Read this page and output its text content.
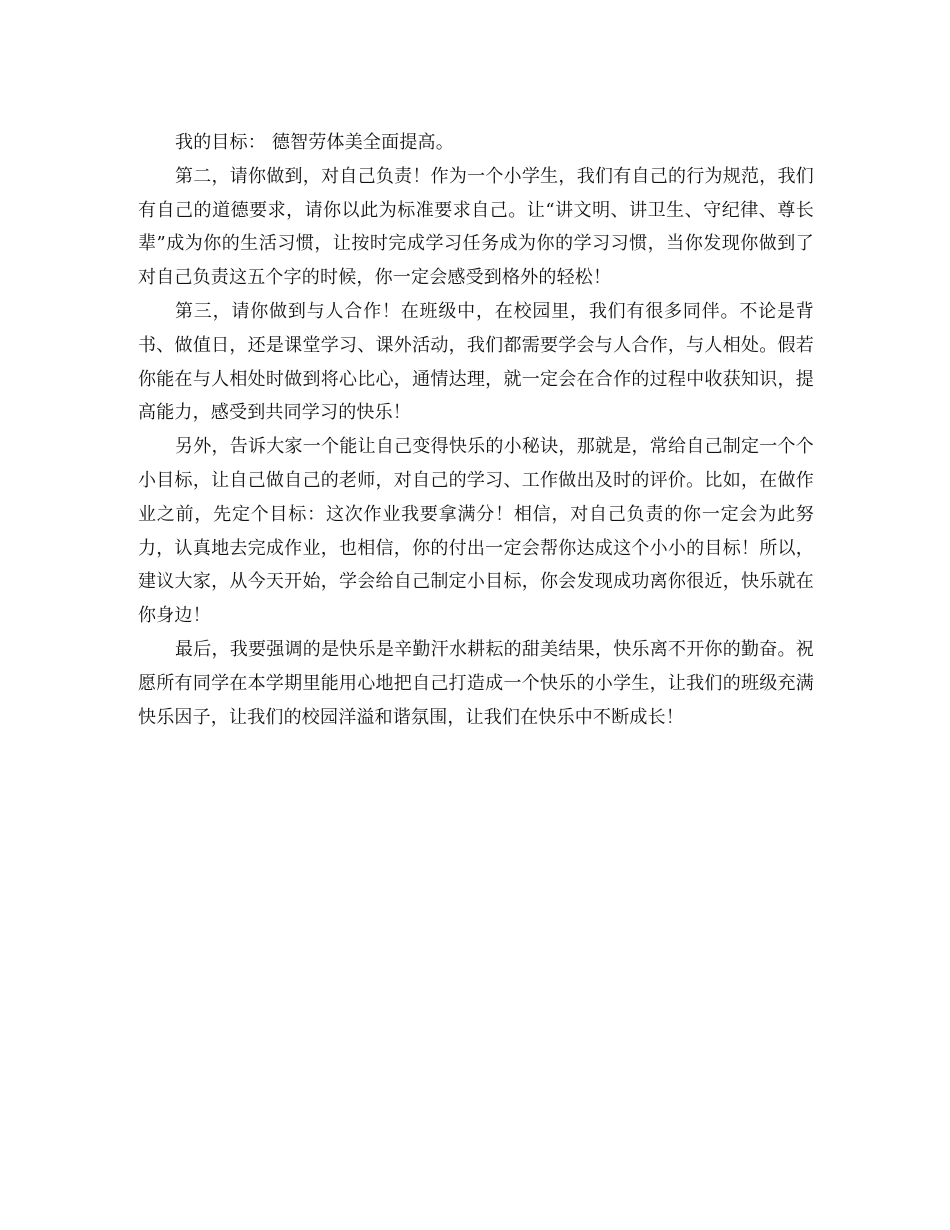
我的目标： 德智劳体美全面提高。

第二，请你做到，对自己负责！作为一个小学生，我们有自己的行为规范，我们有自己的道德要求，请你以此为标准要求自己。让“讲文明、讲卫生、守纪律、尊长辈”成为你的生活习惯，让按时完成学习任务成为你的学习习惯，当你发现你做到了对自己负责这五个字的时候，你一定会感受到格外的轻松！

第三，请你做到与人合作！在班级中，在校园里，我们有很多同伴。不论是背书、做值日，还是课堂学习、课外活动，我们都需要学会与人合作，与人相处。假若你能在与人相处时做到将心比心，通情达理，就一定会在合作的过程中收获知识，提高能力，感受到共同学习的快乐！

另外，告诉大家一个能让自己变得快乐的小秘诀，那就是，常给自己制定一个个小目标，让自己做自己的老师，对自己的学习、工作做出及时的评价。比如，在做作业之前，先定个目标：这次作业我要拿满分！相信，对自己负责的你一定会为此努力，认真地去完成作业，也相信，你的付出一定会帮你达成这个小小的目标！所以，建议大家，从今天开始，学会给自己制定小目标，你会发现成功离你很近，快乐就在你身边！

最后，我要强调的是快乐是辛勤汗水耕耘的甜美结果，快乐离不开你的勤奋。祝愿所有同学在本学期里能用心地把自己打造成一个快乐的小学生，让我们的班级充满快乐因子，让我们的校园洋溢和谐氛围，让我们在快乐中不断成长！
